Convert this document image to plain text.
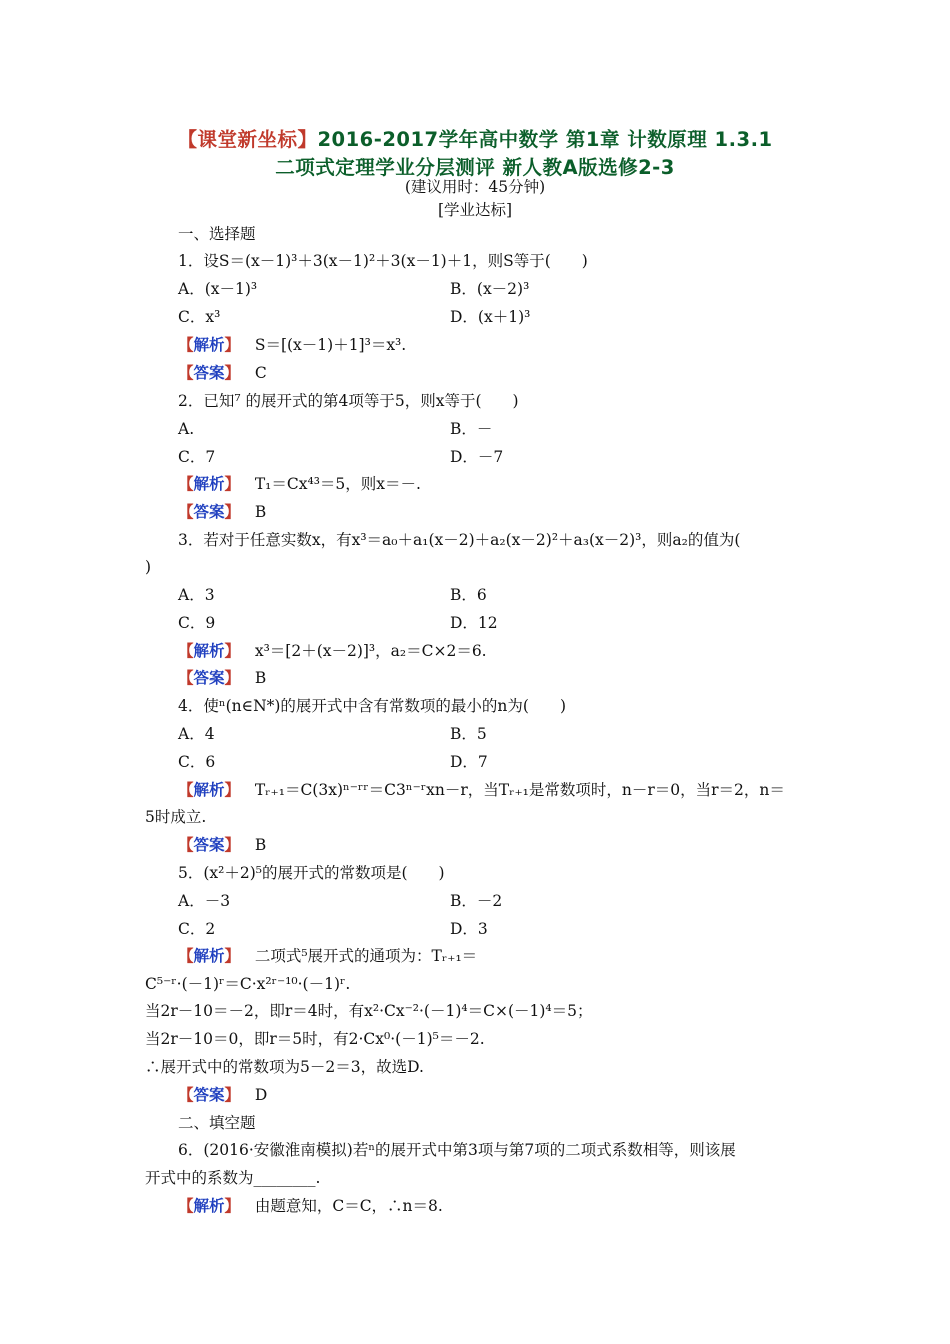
【课堂新坐标】2016-2017学年高中数学 第1章 计数原理 1.3.1
二项式定理学业分层测评 新人教A版选修2-3
(建议用时：45分钟)
[学业达标]
一、选择题
1．设S＝(x－1)³＋3(x－1)²＋3(x－1)＋1，则S等于(　　)
A．(x－1)³	B．(x－2)³
C．x³	D．(x＋1)³
【解析】 S＝[(x－1)＋1]³＝x³.
【答案】 C
2．已知⁷ 的展开式的第4项等于5，则x等于(　　)
A.	B．－
C．7	D．－7
【解析】 T₁＝Cx⁴³＝5，则x＝－.
【答案】 B
3．若对于任意实数x，有x³＝a₀＋a₁(x－2)＋a₂(x－2)²＋a₃(x－2)³，则a₂的值为(
)
A．3	B．6
C．9	D．12
【解析】 x³＝[2＋(x－2)]³，a₂＝C×2＝6.
【答案】 B
4．使ⁿ(n∈N*)的展开式中含有常数项的最小的n为(　　)
A．4	B．5
C．6	D．7
【解析】 Tᵣ₊₁＝C(3x)ⁿ⁻ʳʳ＝C3ⁿ⁻ʳxn－r，当Tᵣ₊₁是常数项时，n－r＝0，当r＝2，n＝
5时成立.
【答案】 B
5．(x²＋2)⁵的展开式的常数项是(　　)
A．－3	B．－2
C．2	D．3
【解析】 二项式⁵展开式的通项为：Tᵣ₊₁＝
C⁵⁻ʳ·(－1)ʳ＝C·x²ʳ⁻¹⁰·(－1)ʳ.
当2r－10＝－2，即r＝4时，有x²·Cx⁻²·(－1)⁴＝C×(－1)⁴＝5；
当2r－10＝0，即r＝5时，有2·Cx⁰·(－1)⁵＝－2.
∴展开式中的常数项为5－2＝3，故选D.
【答案】 D
二、填空题
6．(2016·安徽淮南模拟)若ⁿ的展开式中第3项与第7项的二项式系数相等，则该展
开式中的系数为________.
【解析】 由题意知，C＝C，∴n＝8.
